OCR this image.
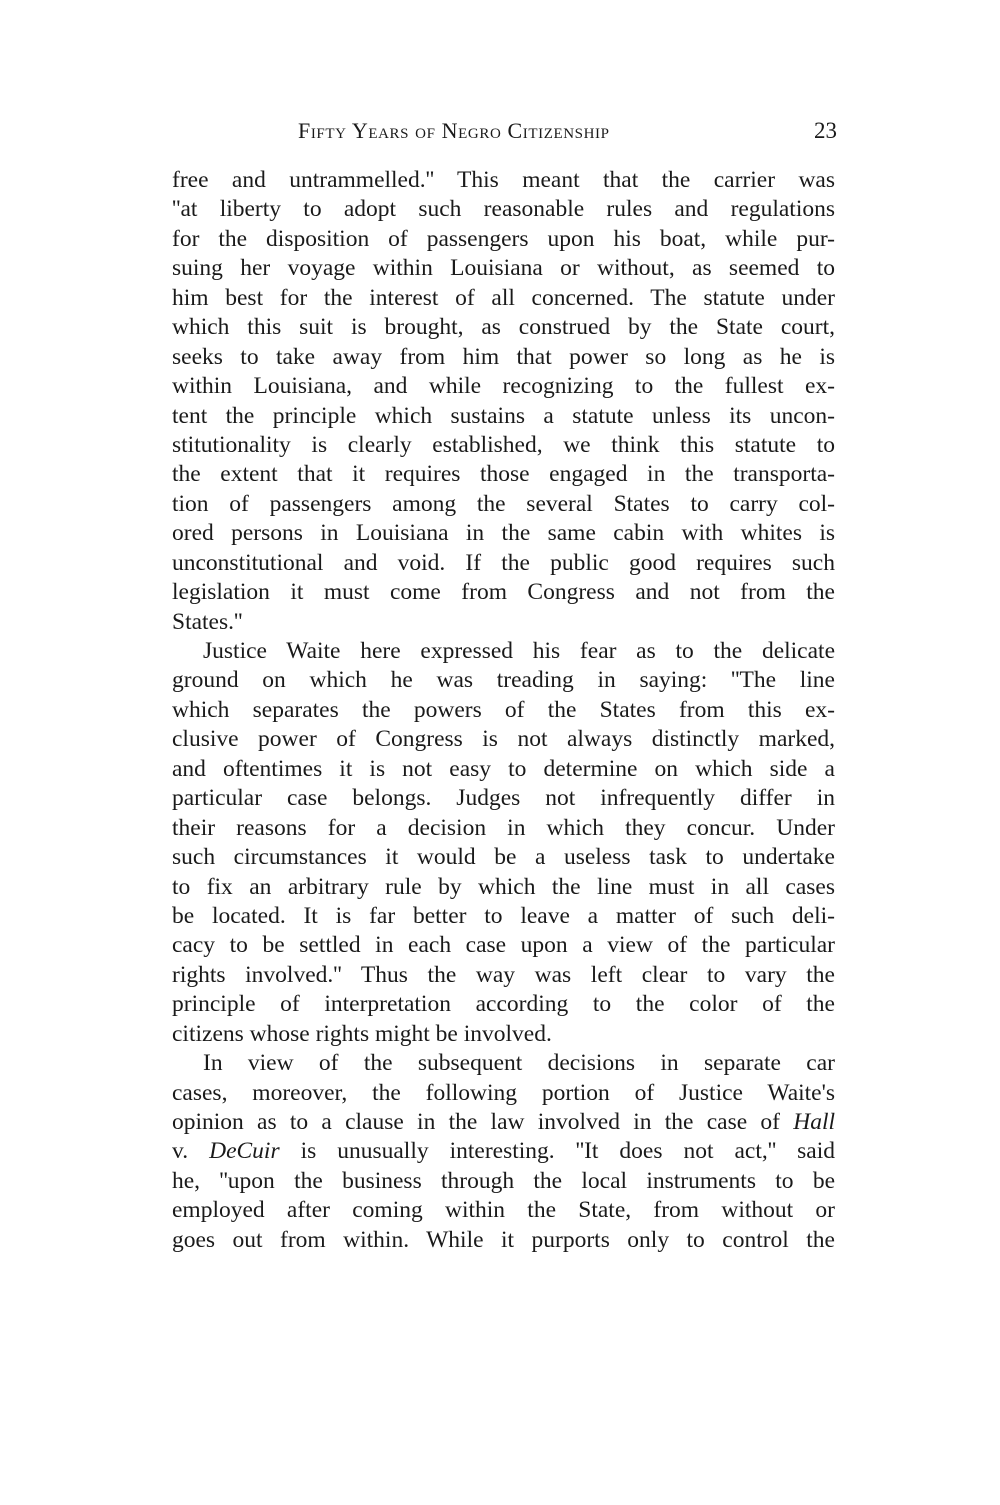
Fifty Years of Negro Citizenship	23
free and untrammelled.'' This meant that the carrier was
''at liberty to adopt such reasonable rules and regulations
for the disposition of passengers upon his boat, while pur-
suing her voyage within Louisiana or without, as seemed to
him best for the interest of all concerned. The statute under
which this suit is brought, as construed by the State court,
seeks to take away from him that power so long as he is
within Louisiana, and while recognizing to the fullest ex-
tent the principle which sustains a statute unless its uncon-
stitutionality is clearly established, we think this statute to
the extent that it requires those engaged in the transporta-
tion of passengers among the several States to carry col-
ored persons in Louisiana in the same cabin with whites is
unconstitutional and void. If the public good requires such
legislation it must come from Congress and not from the
States.''
Justice Waite here expressed his fear as to the delicate
ground on which he was treading in saying: ''The line
which separates the powers of the States from this ex-
clusive power of Congress is not always distinctly marked,
and oftentimes it is not easy to determine on which side a
particular case belongs. Judges not infrequently differ in
their reasons for a decision in which they concur. Under
such circumstances it would be a useless task to undertake
to fix an arbitrary rule by which the line must in all cases
be located. It is far better to leave a matter of such deli-
cacy to be settled in each case upon a view of the particular
rights involved.'' Thus the way was left clear to vary the
principle of interpretation according to the color of the
citizens whose rights might be involved.
In view of the subsequent decisions in separate car
cases, moreover, the following portion of Justice Waite's
opinion as to a clause in the law involved in the case of Hall
v. DeCuir is unusually interesting. ''It does not act,'' said
he, ''upon the business through the local instruments to be
employed after coming within the State, from without or
goes out from within. While it purports only to control the
